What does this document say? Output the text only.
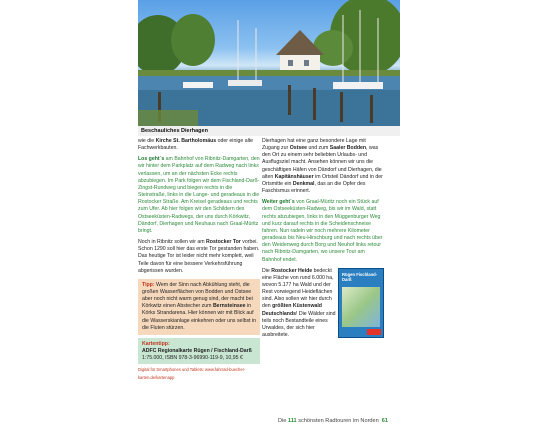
Beschauliches Dierhagen

wie die Kirche St. Bartholomäus oder einige alte Fachwerkbauten.

Los geht´s am Bahnhof von Ribnitz-Damgarten, den wir hinter dem Parkplatz auf dem Radweg nach links verlassen, um an der nächsten Ecke rechts abzubiegen. Im Park folgen wir dem Fischland-Darß-Zingst-Rundweg und biegen rechts in die Steinstraße, links in die Lange- und geradeaus in die Rostocker Straße. Am Kreisel geradeaus und rechts zum Ufer. Ab hier folgen wir den Schildern des Ostseeküsten-Radwegs, der uns durch Körkwitz, Dändorf, Dierhagen und Neuhaus nach Graal-Müritz bringt.

Noch in Ribnitz sollen wir am Rostocker Tor vorbei. Schon 1290 soll hier das erste Tor gestanden haben. Das heutige Tor ist leider nicht mehr komplett, weil Teile davon für eine bessere Verkehrsführung abgerissen wurden.

Tipp: Wem der Sinn nach Abkühlung steht, die großen Wasserflächen von Bodden und Ostsee aber noch nicht warm genug sind, der macht bei Körkwitz einen Abstecher zum Bernsteinsee in Körks Strandarena. Hier können wir mit Blick auf die Wasserskianlage einkehren oder uns selbst in die Fluten stürzen.
Kartentipp:
ADFC Regionalkarte Rügen / Fischland-Darß
1:75.000, ISBN 978-3-96990-119-9, 10,95 €
Digital für Smartphones und Tablets: www.fahrrad-buecher-karten.de/kartenapp

Dierhagen hat eine ganz besondere Lage mit Zugang zur Ostsee und zum Saaler Bodden, was den Ort zu einem sehr beliebten Urlaubs- und Ausflugsziel macht. Ansehen können wir uns die geschäftigen Häfen von Dändorf und Dierhagen, die alten Kapitänshäuser im Ortsteil Dändorf und in der Ortsmitte ein Denkmal, das an die Opfer des Faschismus erinnert.

Weiter geht´s von Graal-Müritz noch ein Stück auf dem Ostseeküsten-Radweg, bis wir im Wald, statt rechts abzubiegen, links in den Müggenburger Weg und kurz darauf rechts in die Scheidenschneise fahren. Nun radeln wir noch mehrere Kilometer geradeaus bis Neu-Hirschburg und nach rechts über den Weidenweg durch Borg und Neuhof links retour nach Ribnitz-Damgarten, wo unsere Tour am Bahnhof endet.

Die Rostocker Heide bedeckt eine Fläche von rund 6.000 ha, wovon 5.177 ha Wald und der Rest vorwiegend Heideflächen sind. Also sollen wir hier durch den größten Küstenwald Deutschlands! Die Wälder sind teils noch Bestandteile eines Urwaldes, der sich hier ausbreitete.
Rügen Fischland-Darß
Die 111 schönsten Radtouren im Norden 61
